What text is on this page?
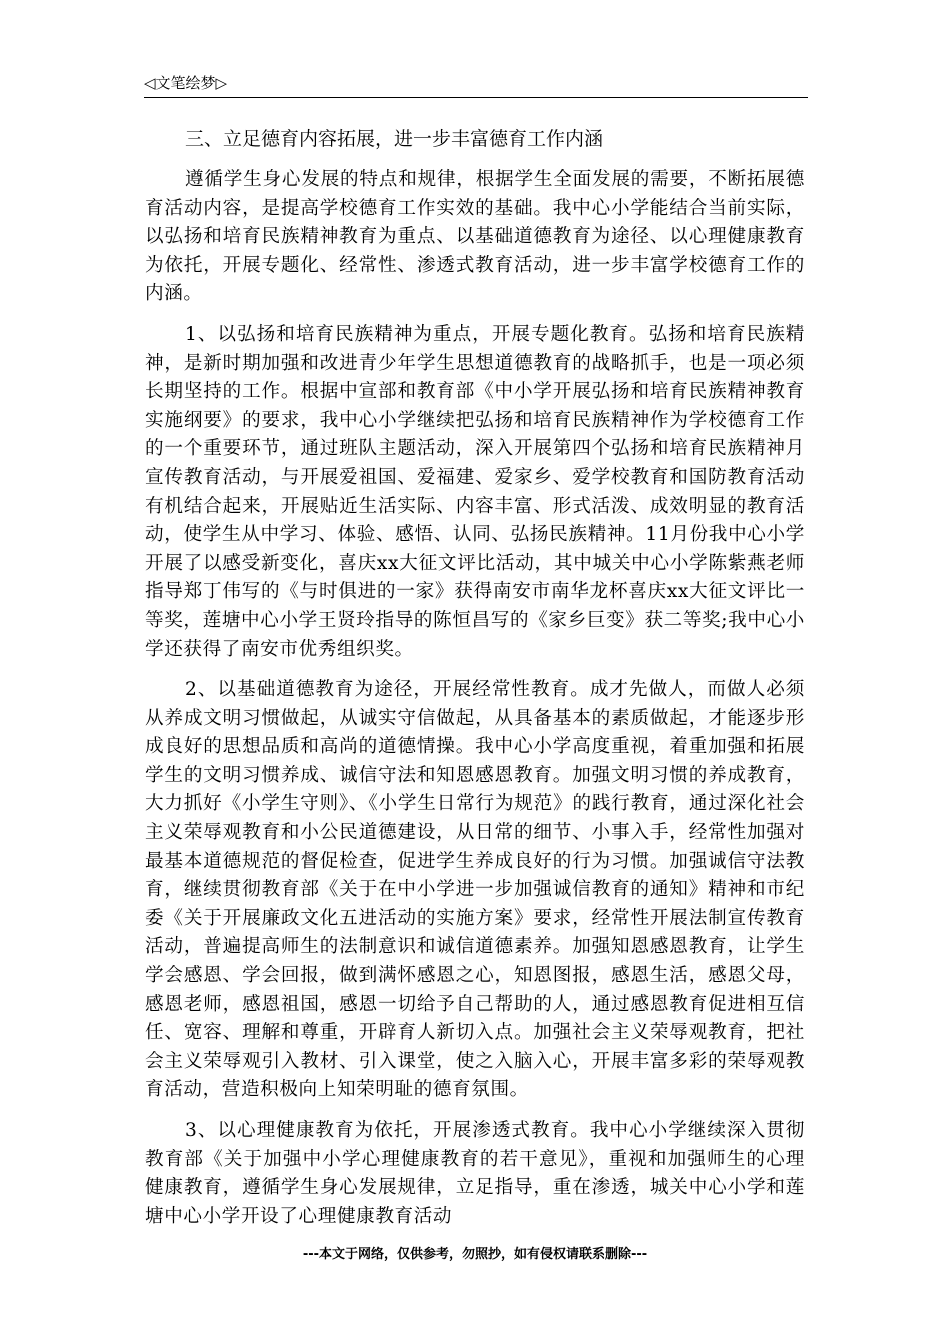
◁文笔绘梦▷

三、立足德育内容拓展，进一步丰富德育工作内涵

遵循学生身心发展的特点和规律，根据学生全面发展的需要，不断拓展德育活动内容，是提高学校德育工作实效的基础。我中心小学能结合当前实际，以弘扬和培育民族精神教育为重点、以基础道德教育为途径、以心理健康教育为依托，开展专题化、经常性、渗透式教育活动，进一步丰富学校德育工作的内涵。

1、以弘扬和培育民族精神为重点，开展专题化教育。弘扬和培育民族精神，是新时期加强和改进青少年学生思想道德教育的战略抓手，也是一项必须长期坚持的工作。根据中宣部和教育部《中小学开展弘扬和培育民族精神教育实施纲要》的要求，我中心小学继续把弘扬和培育民族精神作为学校德育工作的一个重要环节，通过班队主题活动，深入开展第四个弘扬和培育民族精神月宣传教育活动，与开展爱祖国、爱福建、爱家乡、爱学校教育和国防教育活动有机结合起来，开展贴近生活实际、内容丰富、形式活泼、成效明显的教育活动，使学生从中学习、体验、感悟、认同、弘扬民族精神。11月份我中心小学开展了以感受新变化，喜庆xx大征文评比活动，其中城关中心小学陈紫燕老师指导郑丁伟写的《与时俱进的一家》获得南安市南华龙杯喜庆xx大征文评比一等奖，莲塘中心小学王贤玲指导的陈恒昌写的《家乡巨变》获二等奖;我中心小学还获得了南安市优秀组织奖。

2、以基础道德教育为途径，开展经常性教育。成才先做人，而做人必须从养成文明习惯做起，从诚实守信做起，从具备基本的素质做起，才能逐步形成良好的思想品质和高尚的道德情操。我中心小学高度重视，着重加强和拓展学生的文明习惯养成、诚信守法和知恩感恩教育。加强文明习惯的养成教育，大力抓好《小学生守则》、《小学生日常行为规范》的践行教育，通过深化社会主义荣辱观教育和小公民道德建设，从日常的细节、小事入手，经常性加强对最基本道德规范的督促检查，促进学生养成良好的行为习惯。加强诚信守法教育，继续贯彻教育部《关于在中小学进一步加强诚信教育的通知》精神和市纪委《关于开展廉政文化五进活动的实施方案》要求，经常性开展法制宣传教育活动，普遍提高师生的法制意识和诚信道德素养。加强知恩感恩教育，让学生学会感恩、学会回报，做到满怀感恩之心，知恩图报，感恩生活，感恩父母，感恩老师，感恩祖国，感恩一切给予自己帮助的人，通过感恩教育促进相互信任、宽容、理解和尊重，开辟育人新切入点。加强社会主义荣辱观教育，把社会主义荣辱观引入教材、引入课堂，使之入脑入心，开展丰富多彩的荣辱观教育活动，营造积极向上知荣明耻的德育氛围。

3、以心理健康教育为依托，开展渗透式教育。我中心小学继续深入贯彻教育部《关于加强中小学心理健康教育的若干意见》，重视和加强师生的心理健康教育，遵循学生身心发展规律，立足指导，重在渗透，城关中心小学和莲塘中心小学开设了心理健康教育活动

---本文于网络，仅供参考，勿照抄，如有侵权请联系删除---
